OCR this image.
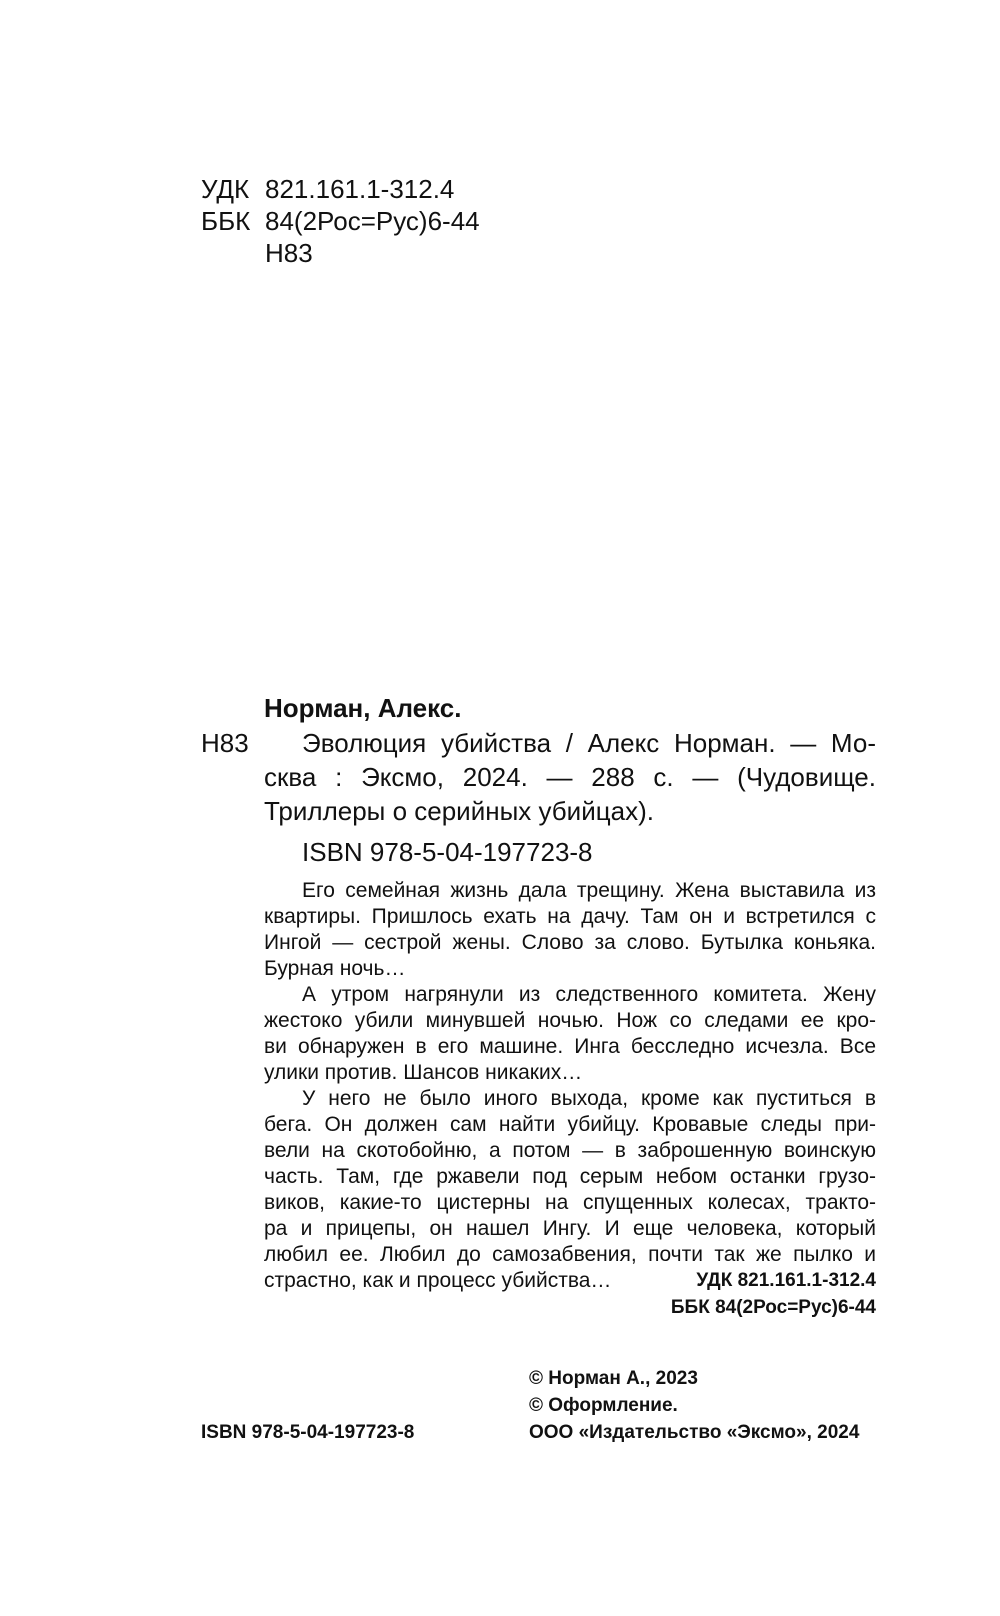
УДК 821.161.1-312.4
ББК 84(2Рос=Рус)6-44
Н83
Норман, Алекс.
Н83 Эволюция убийства / Алекс Норман. — Мо-
сква : Эксмо, 2024. — 288 с. — (Чудовище.
Триллеры о серийных убийцах).
ISBN 978-5-04-197723-8
Его семейная жизнь дала трещину. Жена выставила из
квартиры. Пришлось ехать на дачу. Там он и встретился с
Ингой — сестрой жены. Слово за слово. Бутылка коньяка.
Бурная ночь…
А утром нагрянули из следственного комитета. Жену
жестоко убили минувшей ночью. Нож со следами ее кро-
ви обнаружен в его машине. Инга бесследно исчезла. Все
улики против. Шансов никаких…
У него не было иного выхода, кроме как пуститься в
бега. Он должен сам найти убийцу. Кровавые следы при-
вели на скотобойню, а потом — в заброшенную воинскую
часть. Там, где ржавели под серым небом останки грузо-
виков, какие-то цистерны на спущенных колесах, тракто-
ра и прицепы, он нашел Ингу. И еще человека, который
любил ее. Любил до самозабвения, почти так же пылко и
страстно, как и процесс убийства…	УДК 821.161.1-312.4
ББК 84(2Рос=Рус)6-44
© Норман А., 2023
© Оформление.
ISBN 978-5-04-197723-8	ООО «Издательство «Эксмо», 2024
